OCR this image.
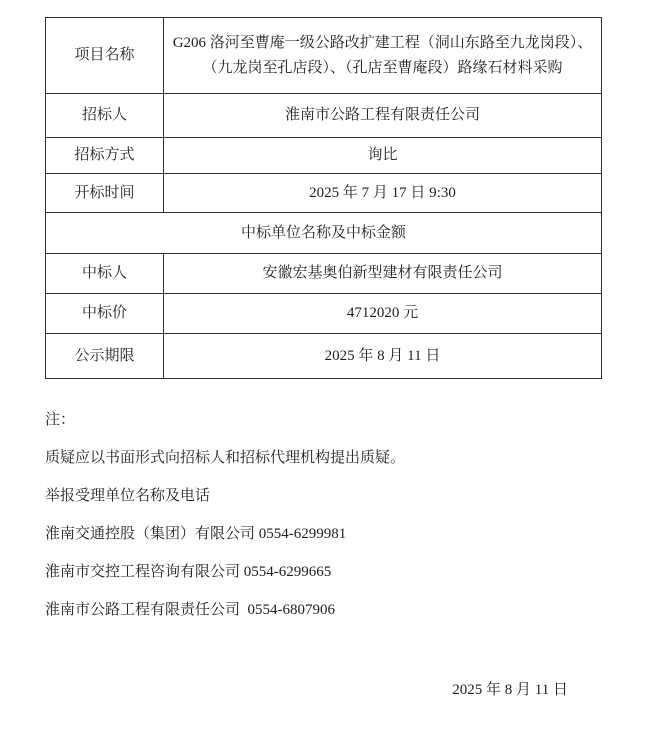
项目名称	G206 洛河至曹庵一级公路改扩建工程（洞山东路至九龙岗段）、（九龙岗至孔店段）、（孔店至曹庵段）路缘石材料采购
招标人	淮南市公路工程有限责任公司
招标方式	询比
开标时间	2025 年 7 月 17 日 9:30
中标单位名称及中标金额	
中标人	安徽宏基奥伯新型建材有限责任公司
中标价	4712020 元
公示期限	2025 年 8 月 11 日
注：
质疑应以书面形式向招标人和招标代理机构提出质疑。
举报受理单位名称及电话
淮南交通控股（集团）有限公司 0554-6299981
淮南市交控工程咨询有限公司 0554-6299665
淮南市公路工程有限责任公司  0554-6807906
2025 年 8 月 11 日
